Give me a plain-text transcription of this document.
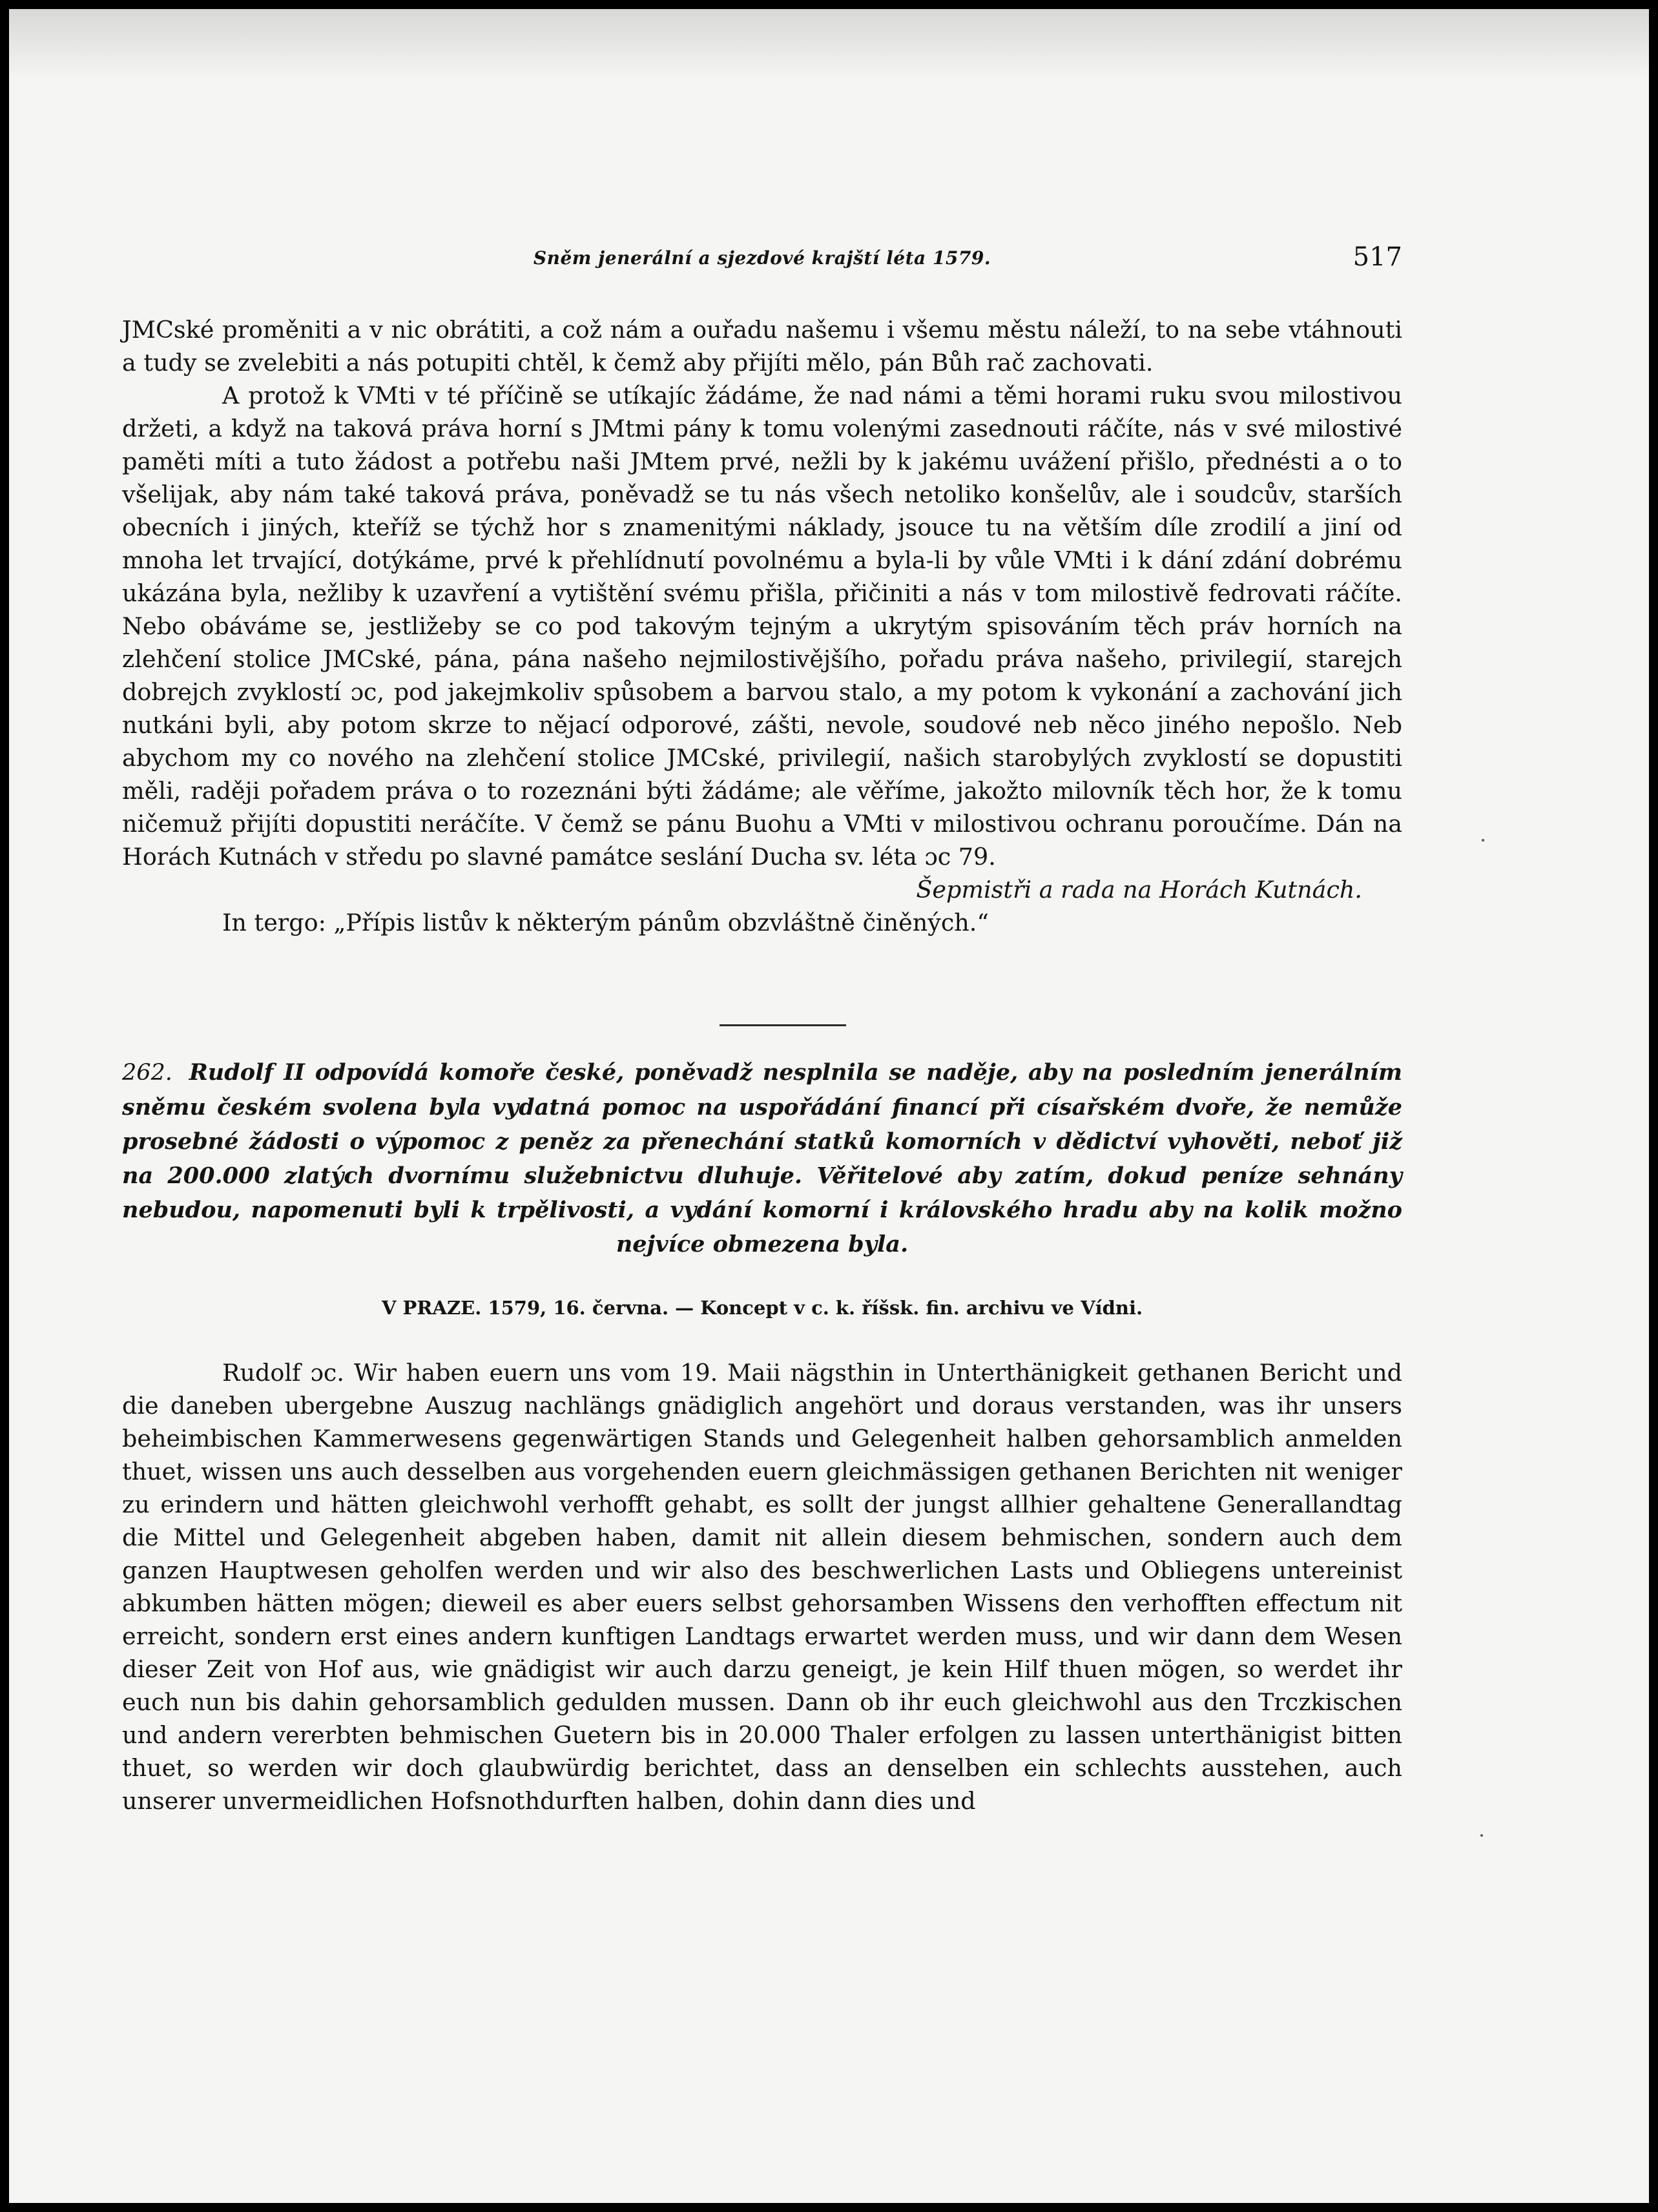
Sněm jenerální a sjezdové krajští léta 1579.	517

JMCské proměniti a v nic obrátiti, a což nám a ouřadu našemu i všemu městu náleží, to na sebe vtáhnouti a tudy se zvelebiti a nás potupiti chtěl, k čemž aby přijíti mělo, pán Bůh rač zachovati.

A protož k VMti v té příčině se utíkajíc žádáme, že nad námi a těmi horami ruku svou milostivou držeti, a když na taková práva horní s JMtmi pány k tomu volenými zasednouti ráčíte, nás v své milostivé paměti míti a tuto žádost a potřebu naši JMtem prvé, nežli by k jakému uvážení přišlo, přednésti a o to všelijak, aby nám také taková práva, poněvadž se tu nás všech netoliko konšelův, ale i soudcův, starších obecních i jiných, kteříž se týchž hor s znamenitými náklady, jsouce tu na větším díle zrodilí a jiní od mnoha let trvající, dotýkáme, prvé k přehlídnutí povolnému a byla-li by vůle VMti i k dání zdání dobrému ukázána byla, nežliby k uzavření a vytištění svému přišla, přičiniti a nás v tom milostivě fedrovati ráčíte. Nebo obáváme se, jestližeby se co pod takovým tejným a ukrytým spisováním těch práv horních na zlehčení stolice JMCské, pána, pána našeho nejmilostivějšího, pořadu práva našeho, privilegií, starejch dobrejch zvyklostí ɔc, pod jakejmkoliv spůsobem a barvou stalo, a my potom k vykonání a zachování jich nutkáni byli, aby potom skrze to nějací odporové, zášti, nevole, soudové neb něco jiného nepošlo. Neb abychom my co nového na zlehčení stolice JMCské, privilegií, našich starobylých zvyklostí se dopustiti měli, raději pořadem práva o to rozeznáni býti žádáme; ale věříme, jakožto milovník těch hor, že k tomu ničemuž přijíti dopustiti neráčíte. V čemž se pánu Buohu a VMti v milostivou ochranu poroučíme. Dán na Horách Kutnách v středu po slavné památce seslání Ducha sv. léta ɔc 79.

Šepmistři a rada na Horách Kutnách.

In tergo: „Přípis listův k některým pánům obzvláštně činěných.“

262. Rudolf II odpovídá komoře české, poněvadž nesplnila se naděje, aby na posledním jenerálním sněmu českém svolena byla vydatná pomoc na uspořádání financí při císařském dvoře, že nemůže prosebné žádosti o výpomoc z peněz za přenechání statků komorních v dědictví vyhověti, neboť již na 200.000 zlatých dvornímu služebnictvu dluhuje. Věřitelové aby zatím, dokud peníze sehnány nebudou, napomenuti byli k trpělivosti, a vydání komorní i královského hradu aby na kolik možno nejvíce obmezena byla.
V PRAZE. 1579, 16. června. — Koncept v c. k. říšsk. fin. archivu ve Vídni.

Rudolf ɔc. Wir haben euern uns vom 19. Maii nägsthin in Unterthänigkeit gethanen Bericht und die daneben ubergebne Auszug nachlängs gnädiglich angehört und doraus verstanden, was ihr unsers beheimbischen Kammerwesens gegenwärtigen Stands und Gelegenheit halben gehorsamblich anmelden thuet, wissen uns auch desselben aus vorgehenden euern gleichmässigen gethanen Berichten nit weniger zu erindern und hätten gleichwohl verhofft gehabt, es sollt der jungst allhier gehaltene Generallandtag die Mittel und Gelegenheit abgeben haben, damit nit allein diesem behmischen, sondern auch dem ganzen Hauptwesen geholfen werden und wir also des beschwerlichen Lasts und Obliegens untereinist abkumben hätten mögen; dieweil es aber euers selbst gehorsamben Wissens den verhofften effectum nit erreicht, sondern erst eines andern kunftigen Landtags erwartet werden muss, und wir dann dem Wesen dieser Zeit von Hof aus, wie gnädigist wir auch darzu geneigt, je kein Hilf thuen mögen, so werdet ihr euch nun bis dahin gehorsamblich gedulden mussen. Dann ob ihr euch gleichwohl aus den Trczkischen und andern vererbten behmischen Guetern bis in 20.000 Thaler erfolgen zu lassen unterthänigist bitten thuet, so werden wir doch glaubwürdig berichtet, dass an denselben ein schlechts ausstehen, auch unserer unvermeidlichen Hofsnothdurften halben, dohin dann dies und
